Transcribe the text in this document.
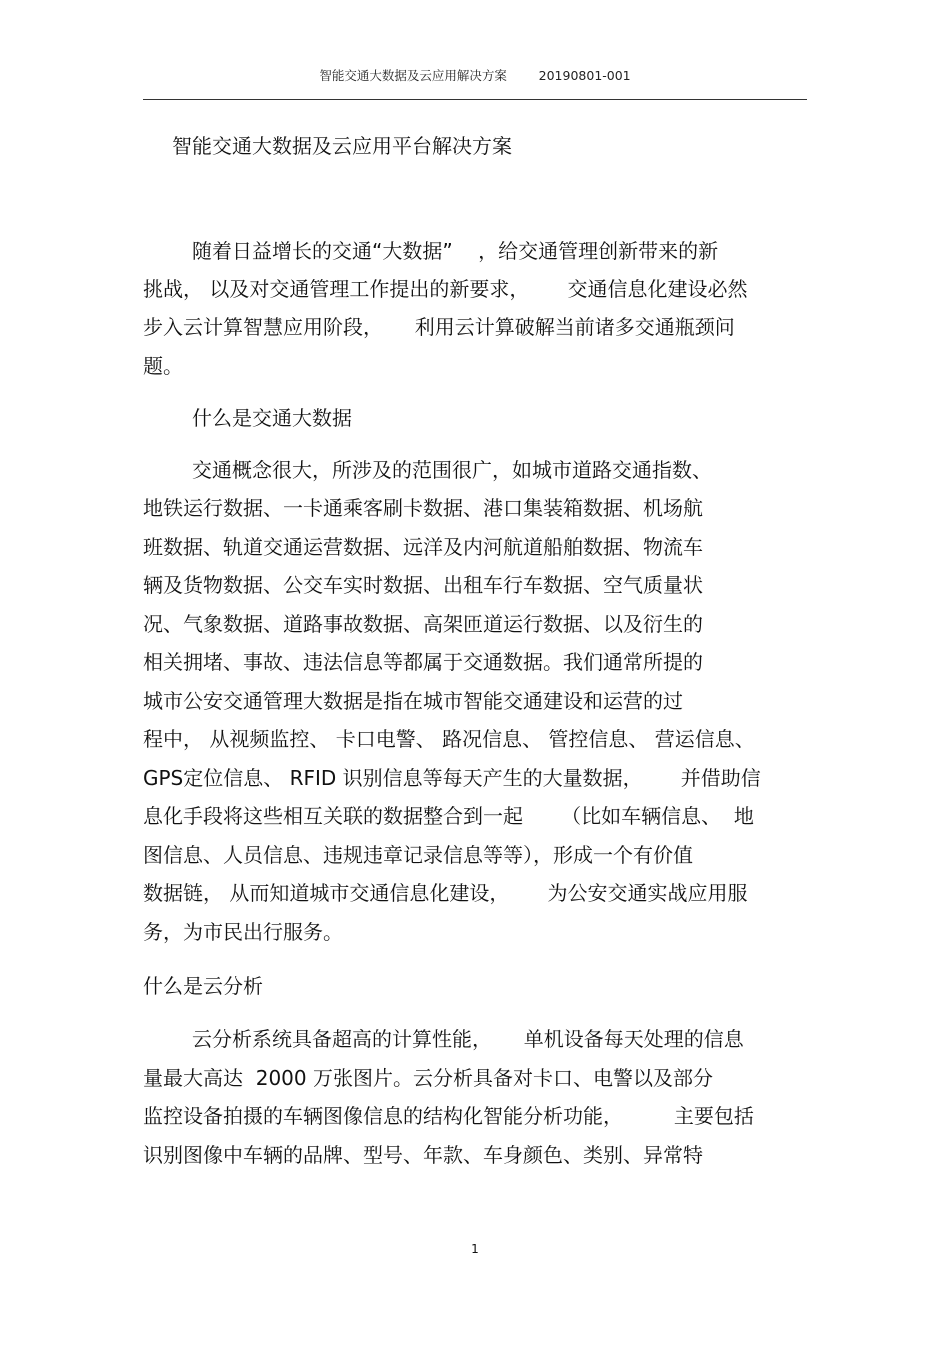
智能交通大数据及云应用解决方案        20190801-001
智能交通大数据及云应用平台解决方案
随着日益增长的交通“大数据”    ，给交通管理创新带来的新
挑战， 以及对交通管理工作提出的新要求，      交通信息化建设必然
步入云计算智慧应用阶段，     利用云计算破解当前诸多交通瓶颈问
题。
什么是交通大数据
交通概念很大，所涉及的范围很广，如城市道路交通指数、
地铁运行数据、一卡通乘客刷卡数据、港口集装箱数据、机场航
班数据、轨道交通运营数据、远洋及内河航道船舶数据、物流车
辆及货物数据、公交车实时数据、出租车行车数据、空气质量状
况、气象数据、道路事故数据、高架匝道运行数据、以及衍生的
相关拥堵、事故、违法信息等都属于交通数据。我们通常所提的
城市公安交通管理大数据是指在城市智能交通建设和运营的过
程中， 从视频监控、 卡口电警、 路况信息、 管控信息、 营运信息、
GPS定位信息、 RFID 识别信息等每天产生的大量数据，      并借助信
息化手段将这些相互关联的数据整合到一起      （比如车辆信息、  地
图信息、人员信息、违规违章记录信息等等），形成一个有价值
数据链， 从而知道城市交通信息化建设，      为公安交通实战应用服
务，为市民出行服务。
什么是云分析
云分析系统具备超高的计算性能，     单机设备每天处理的信息
量最大高达  2000 万张图片。云分析具备对卡口、电警以及部分
监控设备拍摄的车辆图像信息的结构化智能分析功能，        主要包括
识别图像中车辆的品牌、型号、年款、车身颜色、类别、异常特
1
